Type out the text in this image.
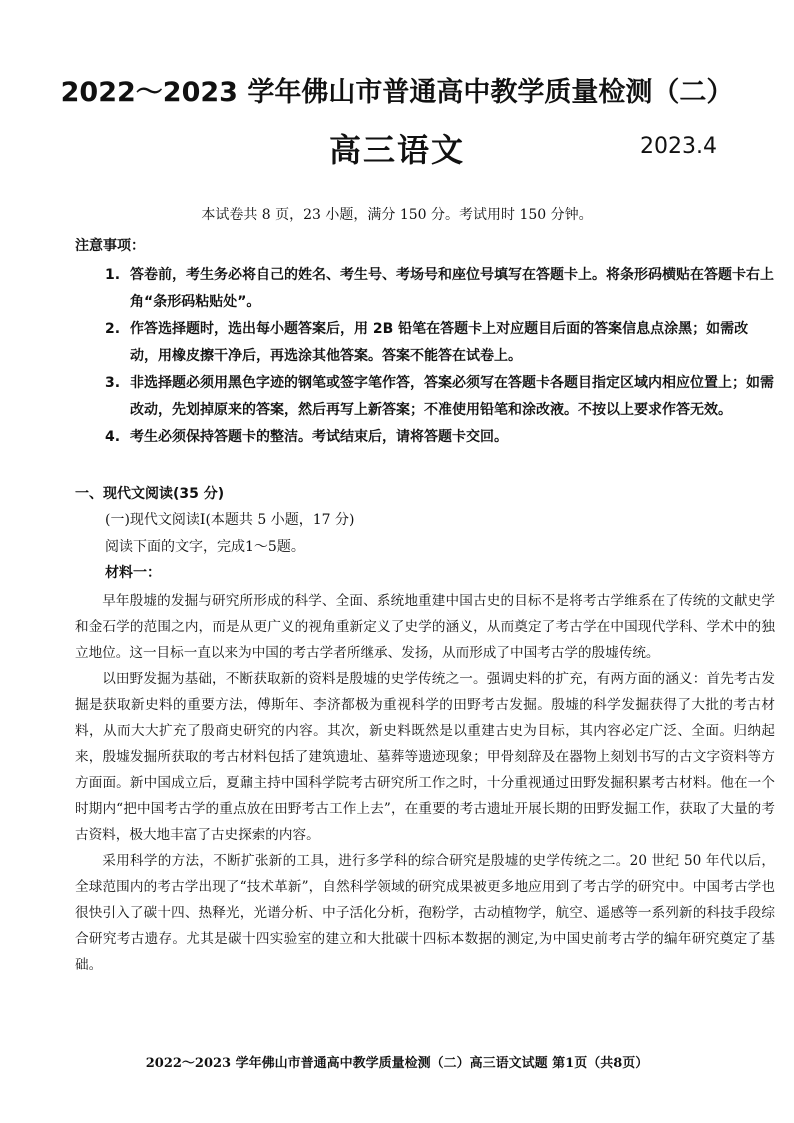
2022～2023 学年佛山市普通高中教学质量检测（二）
高三语文	2023.4
本试卷共 8 页，23 小题，满分 150 分。考试用时 150 分钟。
注意事项：
1. 答卷前，考生务必将自己的姓名、考生号、考场号和座位号填写在答题卡上。将条形码横贴在答题卡右上角“条形码粘贴处”。
2. 作答选择题时，选出每小题答案后，用 2B 铅笔在答题卡上对应题目后面的答案信息点涂黑；如需改动，用橡皮擦干净后，再选涂其他答案。答案不能答在试卷上。
3. 非选择题必须用黑色字迹的钢笔或签字笔作答，答案必须写在答题卡各题目指定区域内相应位置上；如需改动，先划掉原来的答案，然后再写上新答案；不准使用铅笔和涂改液。不按以上要求作答无效。
4. 考生必须保持答题卡的整洁。考试结束后，请将答题卡交回。
一、现代文阅读(35 分)
(一)现代文阅读Ⅰ(本题共 5 小题，17 分)
阅读下面的文字，完成1～5题。
材料一：

早年殷墟的发掘与研究所形成的科学、全面、系统地重建中国古史的目标不是将考古学维系在了传统的文献史学和金石学的范围之内，而是从更广义的视角重新定义了史学的涵义，从而奠定了考古学在中国现代学科、学术中的独立地位。这一目标一直以来为中国的考古学者所继承、发扬，从而形成了中国考古学的殷墟传统。

以田野发掘为基础，不断获取新的资料是殷墟的史学传统之一。强调史料的扩充，有两方面的涵义：首先考古发掘是获取新史料的重要方法，傅斯年、李济都极为重视科学的田野考古发掘。殷墟的科学发掘获得了大批的考古材料，从而大大扩充了殷商史研究的内容。其次，新史料既然是以重建古史为目标，其内容必定广泛、全面。归纳起来，殷墟发掘所获取的考古材料包括了建筑遗址、墓葬等遗迹现象；甲骨刻辞及在器物上刻划书写的古文字资料等方方面面。新中国成立后，夏鼐主持中国科学院考古研究所工作之时，十分重视通过田野发掘积累考古材料。他在一个时期内“把中国考古学的重点放在田野考古工作上去”，在重要的考古遗址开展长期的田野发掘工作，获取了大量的考古资料，极大地丰富了古史探索的内容。

采用科学的方法，不断扩张新的工具，进行多学科的综合研究是殷墟的史学传统之二。20 世纪 50 年代以后，全球范围内的考古学出现了“技术革新”，自然科学领域的研究成果被更多地应用到了考古学的研究中。中国考古学也很快引入了碳十四、热释光，光谱分析、中子活化分析，孢粉学，古动植物学，航空、遥感等一系列新的科技手段综合研究考古遗存。尤其是碳十四实验室的建立和大批碳十四标本数据的测定,为中国史前考古学的编年研究奠定了基础。

2022～2023 学年佛山市普通高中教学质量检测（二）高三语文试题 第1页（共8页）
